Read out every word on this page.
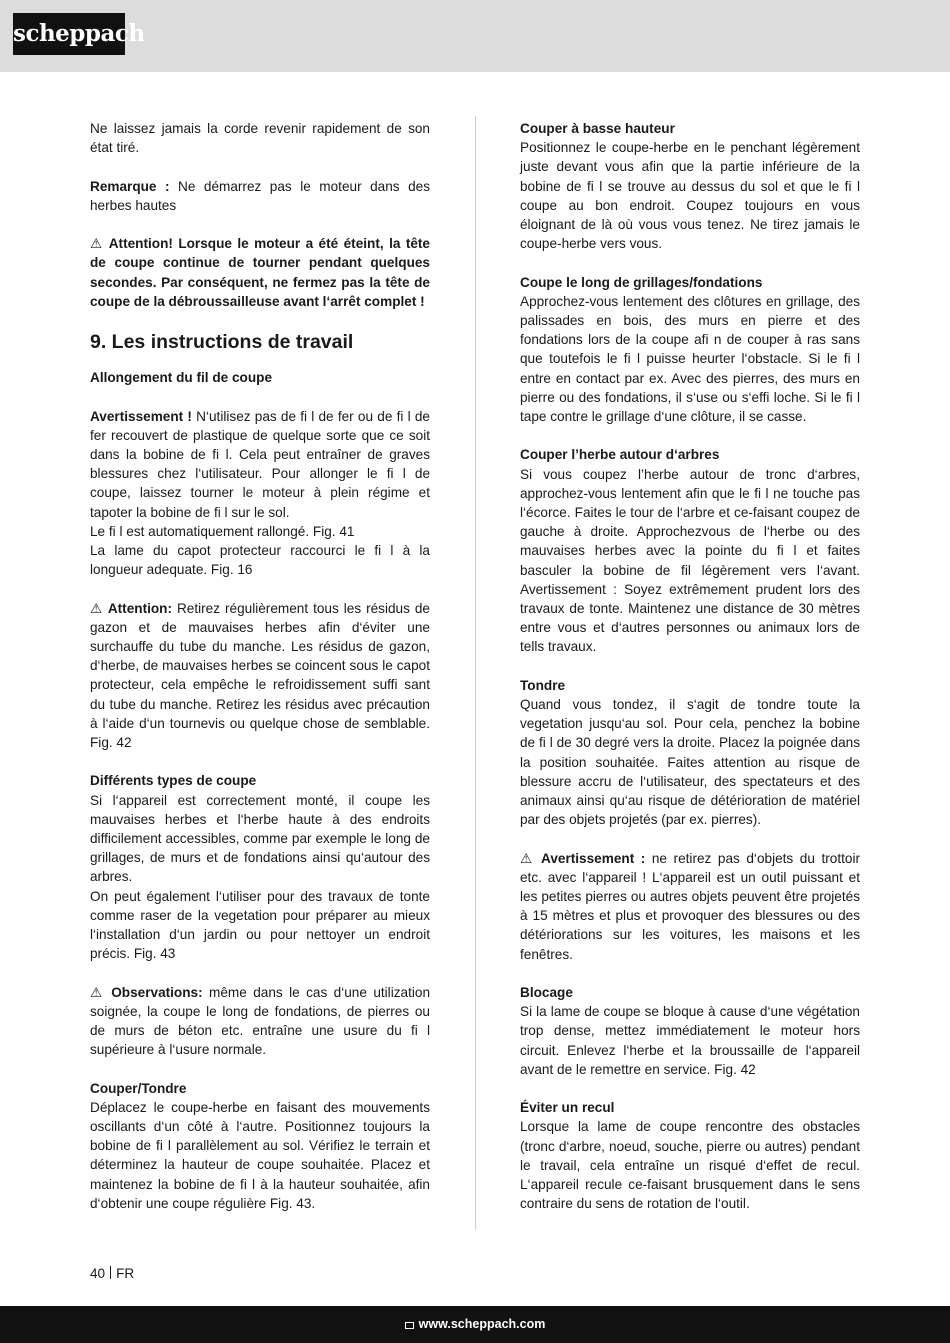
scheppach

Ne laissez jamais la corde revenir rapidement de son état tiré.

Remarque : Ne démarrez pas le moteur dans des herbes hautes

⚠ Attention! Lorsque le moteur a été éteint, la tête de coupe continue de tourner pendant quelques secondes. Par conséquent, ne fermez pas la tête de coupe de la débroussailleuse avant l‘arrêt complet !

9. Les instructions de travail

Allongement du fil de coupe

Avertissement ! N‘utilisez pas de fi l de fer ou de fi l de fer recouvert de plastique de quelque sorte que ce soit dans la bobine de fi l. Cela peut entraîner de graves blessures chez l‘utilisateur. Pour allonger le fi l de coupe, laissez tourner le moteur à plein régime et tapoter la bobine de fi l sur le sol.

Le fi l est automatiquement rallongé. Fig. 41

La lame du capot protecteur raccourci le fi l à la longueur adequate. Fig. 16

⚠ Attention: Retirez régulièrement tous les résidus de gazon et de mauvaises herbes afin d‘éviter une surchauffe du tube du manche. Les résidus de gazon, d‘herbe, de mauvaises herbes se coincent sous le capot protecteur, cela empêche le refroidissement suffi sant du tube du manche. Retirez les résidus avec précaution à l‘aide d‘un tournevis ou quelque chose de semblable. Fig. 42

Différents types de coupe

Si l‘appareil est correctement monté, il coupe les mauvaises herbes et l‘herbe haute à des endroits difficilement accessibles, comme par exemple le long de grillages, de murs et de fondations ainsi qu‘autour des arbres.

On peut également l‘utiliser pour des travaux de tonte comme raser de la vegetation pour préparer au mieux l‘installation d‘un jardin ou pour nettoyer un endroit précis. Fig. 43

⚠ Observations: même dans le cas d‘une utilization soignée, la coupe le long de fondations, de pierres ou de murs de béton etc. entraîne une usure du fi l supérieure à l‘usure normale.

Couper/Tondre

Déplacez le coupe-herbe en faisant des mouvements oscillants d‘un côté à l‘autre. Positionnez toujours la bobine de fi l parallèlement au sol. Vérifiez le terrain et déterminez la hauteur de coupe souhaitée. Placez et maintenez la bobine de fi l à la hauteur souhaitée, afin d‘obtenir une coupe régulière Fig. 43.

Couper à basse hauteur

Positionnez le coupe-herbe en le penchant légèrement juste devant vous afin que la partie inférieure de la bobine de fi l se trouve au dessus du sol et que le fi l coupe au bon endroit. Coupez toujours en vous éloignant de là où vous vous tenez. Ne tirez jamais le coupe-herbe vers vous.

Coupe le long de grillages/fondations

Approchez-vous lentement des clôtures en grillage, des palissades en bois, des murs en pierre et des fondations lors de la coupe afi n de couper à ras sans que toutefois le fi l puisse heurter l‘obstacle. Si le fi l entre en contact par ex. Avec des pierres, des murs en pierre ou des fondations, il s‘use ou s‘effi loche. Si le fi l tape contre le grillage d‘une clôture, il se casse.

Couper l’herbe autour d‘arbres

Si vous coupez l’herbe autour de tronc d‘arbres, approchez-vous lentement afin que le fi l ne touche pas l‘écorce. Faites le tour de l‘arbre et ce-faisant coupez de gauche à droite. Approchezvous de l‘herbe ou des mauvaises herbes avec la pointe du fi l et faites basculer la bobine de fil légèrement vers l‘avant. Avertissement : Soyez extrêmement prudent lors des travaux de tonte. Maintenez une distance de 30 mètres entre vous et d‘autres personnes ou animaux lors de tells travaux.

Tondre

Quand vous tondez, il s‘agit de tondre toute la vegetation jusqu‘au sol. Pour cela, penchez la bobine de fi l de 30 degré vers la droite. Placez la poignée dans la position souhaitée. Faites attention au risque de blessure accru de l‘utilisateur, des spectateurs et des animaux ainsi qu‘au risque de détérioration de matériel par des objets projetés (par ex. pierres).

⚠ Avertissement : ne retirez pas d‘objets du trottoir etc. avec l‘appareil ! L‘appareil est un outil puissant et les petites pierres ou autres objets peuvent être projetés à 15 mètres et plus et provoquer des blessures ou des détériorations sur les voitures, les maisons et les fenêtres.

Blocage

Si la lame de coupe se bloque à cause d‘une végétation trop dense, mettez immédiatement le moteur hors circuit. Enlevez l‘herbe et la broussaille de l‘appareil avant de le remettre en service. Fig. 42

Éviter un recul

Lorsque la lame de coupe rencontre des obstacles (tronc d‘arbre, noeud, souche, pierre ou autres) pendant le travail, cela entraîne un risqué d‘effet de recul. L‘appareil recule ce-faisant brusquement dans le sens contraire du sens de rotation de l‘outil.

40 FR
www.scheppach.com
